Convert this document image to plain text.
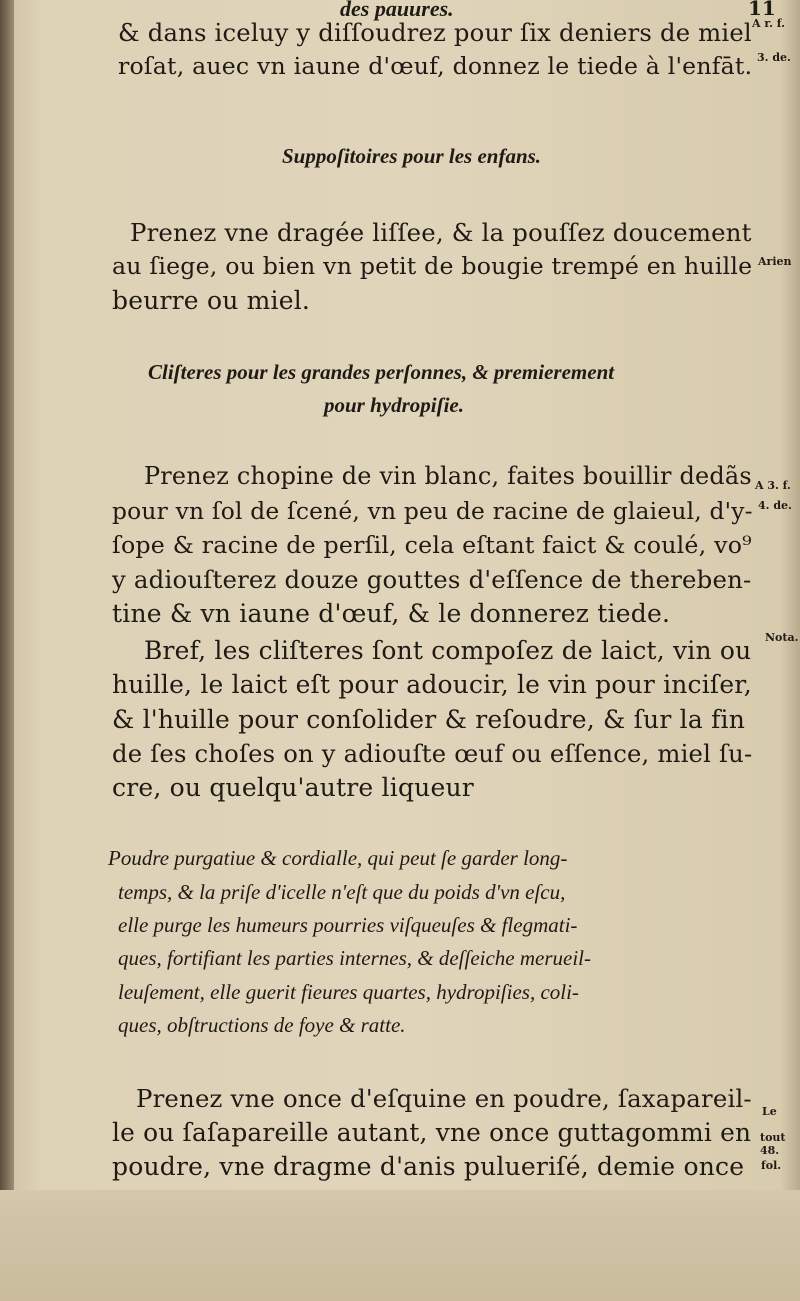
des pauures.	11
& dans iceluy y diſſoudrez pour ſix deniers de miel
roſat, auec vn iaune d'œuf, donnez le tiede à l'enfāt.
Suppoſitoires pour les enfans.
Prenez vne dragée liſſee, & la pouſſez doucement
au ſiege, ou bien vn petit de bougie trempé en huille
beurre ou miel.
Cliſteres pour les grandes perſonnes, & premierement
pour hydropiſie.
Prenez chopine de vin blanc, faites bouillir dedãs
pour vn ſol de ſcené, vn peu de racine de glaieul, d'y-
ſope & racine de perſil, cela eſtant faict & coulé, vo⁹
y adiouſterez douze gouttes d'eſſence de thereben-
tine & vn iaune d'œuf, & le donnerez tiede.
Bref, les cliſteres ſont compoſez de laict, vin ou
huille, le laict eſt pour adoucir, le vin pour inciſer,
& l'huille pour conſolider & reſoudre, & ſur la fin
de ſes choſes on y adiouſte œuf ou eſſence, miel ſu-
cre, ou quelqu'autre liqueur
Poudre purgatiue & cordialle, qui peut ſe garder long-
temps, & la priſe d'icelle n'eſt que du poids d'vn eſcu,
elle purge les humeurs pourries viſqueuſes & flegmati-
ques, fortifiant les parties internes, & deſſeiche merueil-
leuſement, elle guerit fieures quartes, hydropiſies, coli-
ques, obſtructions de foye & ratte.
Prenez vne once d'eſquine en poudre, ſaxapareil-
le ou ſaſapareille autant, vne once guttagommi en
poudre, vne dragme d'anis pulueriſé, demie once
A r. f.
3. de.
Arien
A 3. f.
4. de.
Nota.
Le
tout
48.
fol.
